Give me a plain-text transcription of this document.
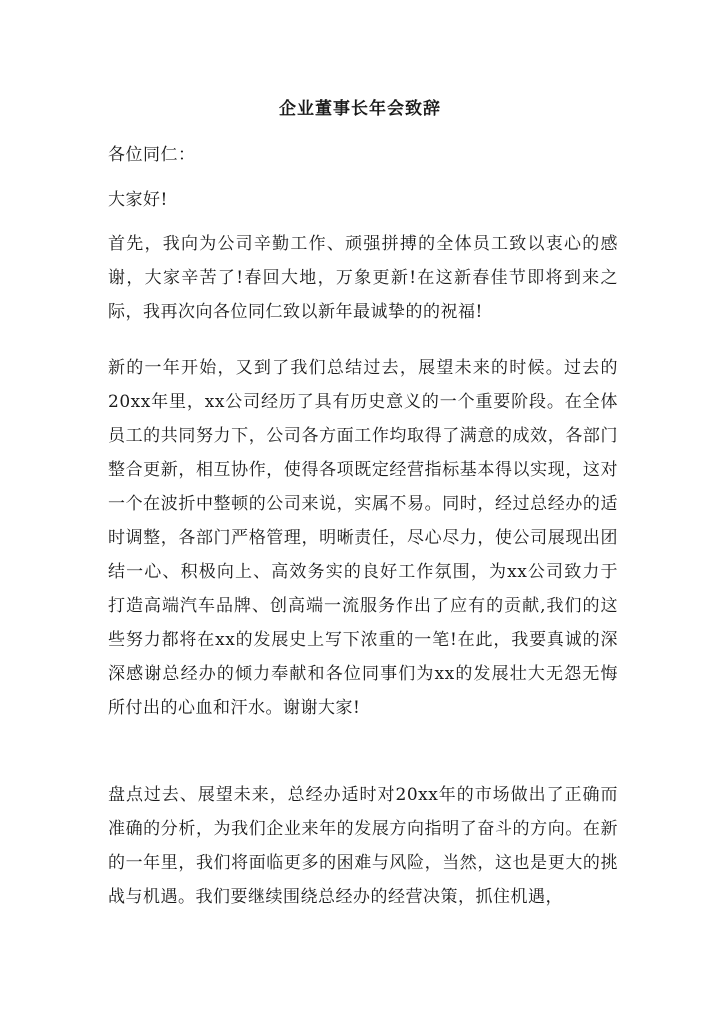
企业董事长年会致辞

各位同仁：

大家好!

首先，我向为公司辛勤工作、顽强拼搏的全体员工致以衷心的感谢，大家辛苦了!春回大地，万象更新!在这新春佳节即将到来之际，我再次向各位同仁致以新年最诚挚的的祝福!

新的一年开始，又到了我们总结过去，展望未来的时候。过去的20xx年里，xx公司经历了具有历史意义的一个重要阶段。在全体员工的共同努力下，公司各方面工作均取得了满意的成效，各部门整合更新，相互协作，使得各项既定经营指标基本得以实现，这对一个在波折中整顿的公司来说，实属不易。同时，经过总经办的适时调整，各部门严格管理，明晰责任，尽心尽力，使公司展现出团结一心、积极向上、高效务实的良好工作氛围，为xx公司致力于打造高端汽车品牌、创高端一流服务作出了应有的贡献,我们的这些努力都将在xx的发展史上写下浓重的一笔!在此，我要真诚的深深感谢总经办的倾力奉献和各位同事们为xx的发展壮大无怨无悔所付出的心血和汗水。谢谢大家!

盘点过去、展望未来，总经办适时对20xx年的市场做出了正确而准确的分析，为我们企业来年的发展方向指明了奋斗的方向。在新的一年里，我们将面临更多的困难与风险，当然，这也是更大的挑战与机遇。我们要继续围绕总经办的经营决策，抓住机遇，
